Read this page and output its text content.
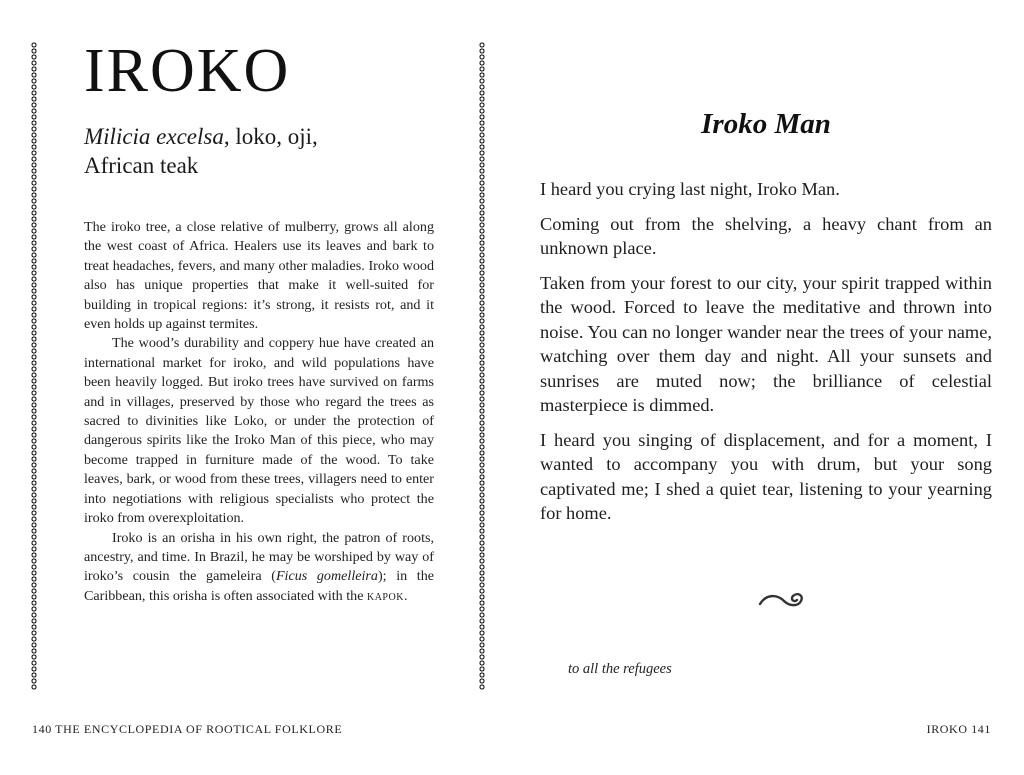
IROKO
Milicia excelsa, loko, oji,
African teak

The iroko tree, a close relative of mulberry, grows all along the west coast of Africa. Healers use its leaves and bark to treat headaches, fevers, and many other maladies. Iroko wood also has unique properties that make it well-suited for building in tropical regions: it’s strong, it resists rot, and it even holds up against termites.

The wood’s durability and coppery hue have created an international market for iroko, and wild populations have been heavily logged. But iroko trees have survived on farms and in villages, preserved by those who regard the trees as sacred to divinities like Loko, or under the protection of dangerous spirits like the Iroko Man of this piece, who may become trapped in furniture made of the wood. To take leaves, bark, or wood from these trees, villagers need to enter into negotiations with religious specialists who protect the iroko from overexploitation.

Iroko is an orisha in his own right, the patron of roots, ancestry, and time. In Brazil, he may be worshiped by way of iroko’s cousin the gameleira (Ficus gomelleira); in the Caribbean, this orisha is often associated with the kapok.

Iroko Man

I heard you crying last night, Iroko Man.

Coming out from the shelving, a heavy chant from an unknown place.

Taken from your forest to our city, your spirit trapped within the wood. Forced to leave the meditative and thrown into noise. You can no longer wander near the trees of your name, watching over them day and night. All your sunsets and sunrises are muted now; the brilliance of celestial masterpiece is dimmed.

I heard you singing of displacement, and for a moment, I wanted to accompany you with drum, but your song captivated me; I shed a quiet tear, listening to your yearning for home.

to all the refugees
140 THE ENCYCLOPEDIA OF ROOTICAL FOLKLORE	IROKO 141
